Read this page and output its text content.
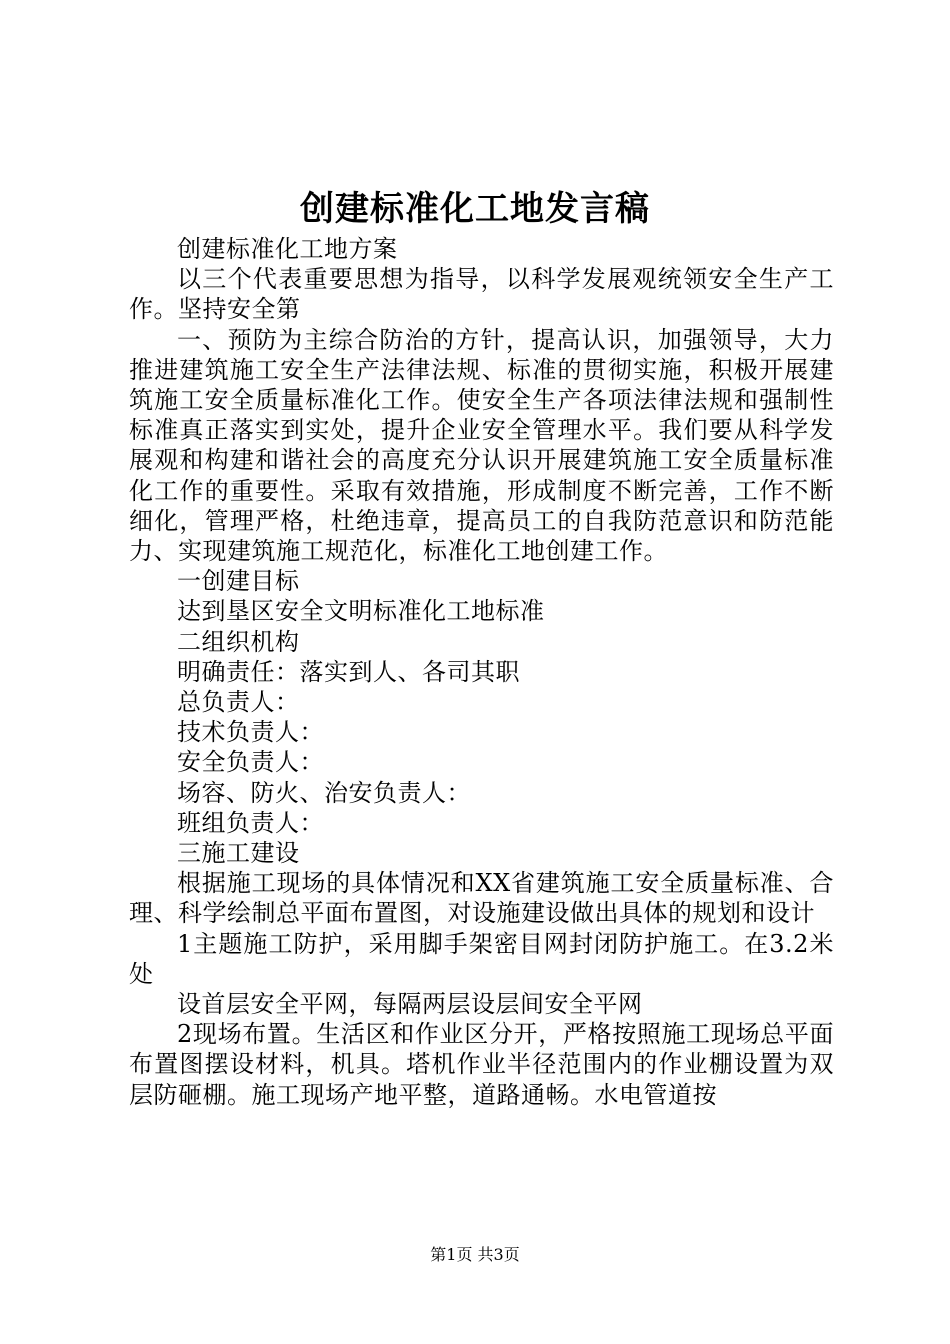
创建标准化工地发言稿

创建标准化工地方案

以三个代表重要思想为指导，以科学发展观统领安全生产工作。坚持安全第

一、预防为主综合防治的方针，提高认识，加强领导，大力推进建筑施工安全生产法律法规、标准的贯彻实施，积极开展建筑施工安全质量标准化工作。使安全生产各项法律法规和强制性标准真正落实到实处，提升企业安全管理水平。我们要从科学发展观和构建和谐社会的高度充分认识开展建筑施工安全质量标准化工作的重要性。采取有效措施，形成制度不断完善，工作不断细化，管理严格，杜绝违章，提高员工的自我防范意识和防范能力、实现建筑施工规范化，标准化工地创建工作。

一创建目标

达到垦区安全文明标准化工地标准

二组织机构

明确责任：落实到人、各司其职

总负责人：

技术负责人：

安全负责人：

场容、防火、治安负责人：

班组负责人：

三施工建设

根据施工现场的具体情况和XX省建筑施工安全质量标准、合理、科学绘制总平面布置图，对设施建设做出具体的规划和设计

1主题施工防护，采用脚手架密目网封闭防护施工。在3.2米处

设首层安全平网，每隔两层设层间安全平网

2现场布置。生活区和作业区分开，严格按照施工现场总平面布置图摆设材料，机具。塔机作业半径范围内的作业棚设置为双层防砸棚。施工现场产地平整，道路通畅。水电管道按

第1页 共3页
